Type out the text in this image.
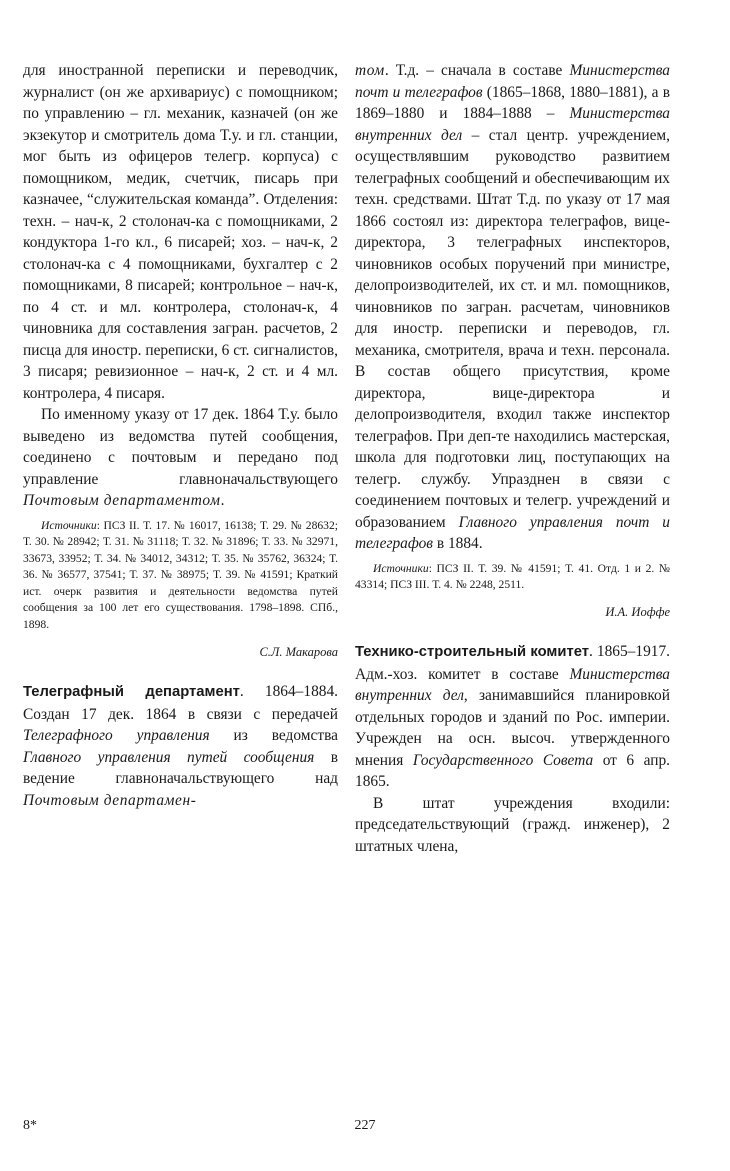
для иностранной переписки и переводчик, журналист (он же архивариус) с помощником; по управлению – гл. механик, казначей (он же экзекутор и смотритель дома Т.у. и гл. станции, мог быть из офицеров телегр. корпуса) с помощником, медик, счетчик, писарь при казначее, “служительская команда”. Отделения: техн. – нач-к, 2 столонач-ка с помощниками, 2 кондуктора 1-го кл., 6 писарей; хоз. – нач-к, 2 столонач-ка с 4 помощниками, бухгалтер с 2 помощниками, 8 писарей; контрольное – нач-к, по 4 ст. и мл. контролера, столонач-к, 4 чиновника для составления загран. расчетов, 2 писца для иностр. переписки, 6 ст. сигналистов, 3 писаря; ревизионное – нач-к, 2 ст. и 4 мл. контролера, 4 писаря.

По именному указу от 17 дек. 1864 Т.у. было выведено из ведомства путей сообщения, соединено с почтовым и передано под управление главноначальствующего Почтовым департаментом.

Источники: ПСЗ II. Т. 17. № 16017, 16138; Т. 29. № 28632; Т. 30. № 28942; Т. 31. № 31118; Т. 32. № 31896; Т. 33. № 32971, 33673, 33952; Т. 34. № 34012, 34312; Т. 35. № 35762, 36324; Т. 36. № 36577, 37541; Т. 37. № 38975; Т. 39. № 41591; Краткий ист. очерк развития и деятельности ведомства путей сообщения за 100 лет его существования. 1798–1898. СПб., 1898.

С.Л. Макарова

Телеграфный департамент. 1864–1884. Создан 17 дек. 1864 в связи с передачей Телеграфного управления из ведомства Главного управления путей сообщения в ведение главноначальствующего над Почтовым департамен-

том. Т.д. – сначала в составе Министерства почт и телеграфов (1865–1868, 1880–1881), а в 1869–1880 и 1884–1888 – Министерства внутренних дел – стал центр. учреждением, осуществлявшим руководство развитием телеграфных сообщений и обеспечивающим их техн. средствами. Штат Т.д. по указу от 17 мая 1866 состоял из: директора телеграфов, вице-директора, 3 телеграфных инспекторов, чиновников особых поручений при министре, делопроизводителей, их ст. и мл. помощников, чиновников по загран. расчетам, чиновников для иностр. переписки и переводов, гл. механика, смотрителя, врача и техн. персонала. В состав общего присутствия, кроме директора, вице-директора и делопроизводителя, входил также инспектор телеграфов. При деп-те находились мастерская, школа для подготовки лиц, поступающих на телегр. службу. Упразднен в связи с соединением почтовых и телегр. учреждений и образованием Главного управления почт и телеграфов в 1884.

Источники: ПСЗ II. Т. 39. № 41591; Т. 41. Отд. 1 и 2. № 43314; ПСЗ III. Т. 4. № 2248, 2511.

И.А. Иоффе

Технико-строительный комитет. 1865–1917. Адм.-хоз. комитет в составе Министерства внутренних дел, занимавшийся планировкой отдельных городов и зданий по Рос. империи. Учрежден на осн. высоч. утвержденного мнения Государственного Совета от 6 апр. 1865.

В штат учреждения входили: председательствующий (гражд. инженер), 2 штатных члена,

8*	227
